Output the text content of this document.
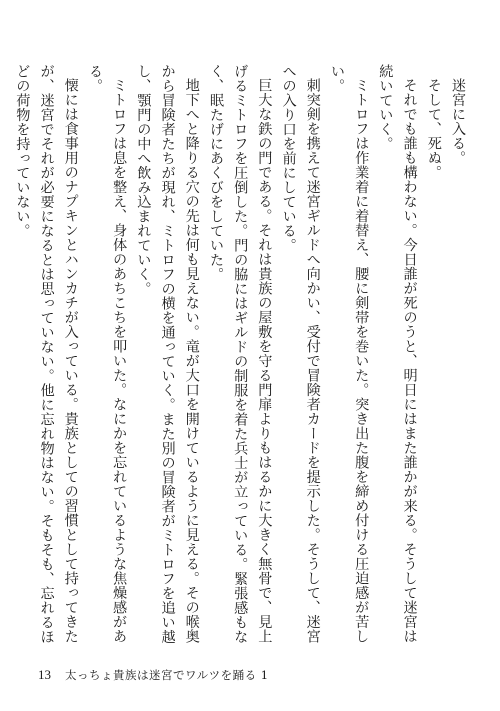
迷宮に入る。

そして、死ぬ。

それでも誰も構わない。今日誰が死のうと、明日にはまた誰かが来る。そうして迷宮は続いていく。

ミトロフは作業着に着替え、腰に剣帯を巻いた。突き出た腹を締め付ける圧迫感が苦しい。

刺突剣を携えて迷宮ギルドへ向かい、受付で冒険者カードを提示した。そうして、迷宮への入り口を前にしている。

巨大な鉄の門である。それは貴族の屋敷を守る門扉よりもはるかに大きく無骨で、見上げるミトロフを圧倒した。門の脇にはギルドの制服を着た兵士が立っている。緊張感もなく、眠たげにあくびをしていた。

地下へと降りる穴の先は何も見えない。竜が大口を開けているように見える。その喉奥から冒険者たちが現れ、ミトロフの横を通っていく。また別の冒険者がミトロフを追い越し、顎門の中へ飲み込まれていく。

ミトロフは息を整え、身体のあちこちを叩いた。なにかを忘れているような焦燥感がある。

懐には食事用のナプキンとハンカチが入っている。貴族としての習慣として持ってきたが、迷宮でそれが必要になるとは思っていない。他に忘れ物はない。そもそも、忘れるほどの荷物を持っていない。

13 太っちょ貴族は迷宮でワルツを踊る 1
